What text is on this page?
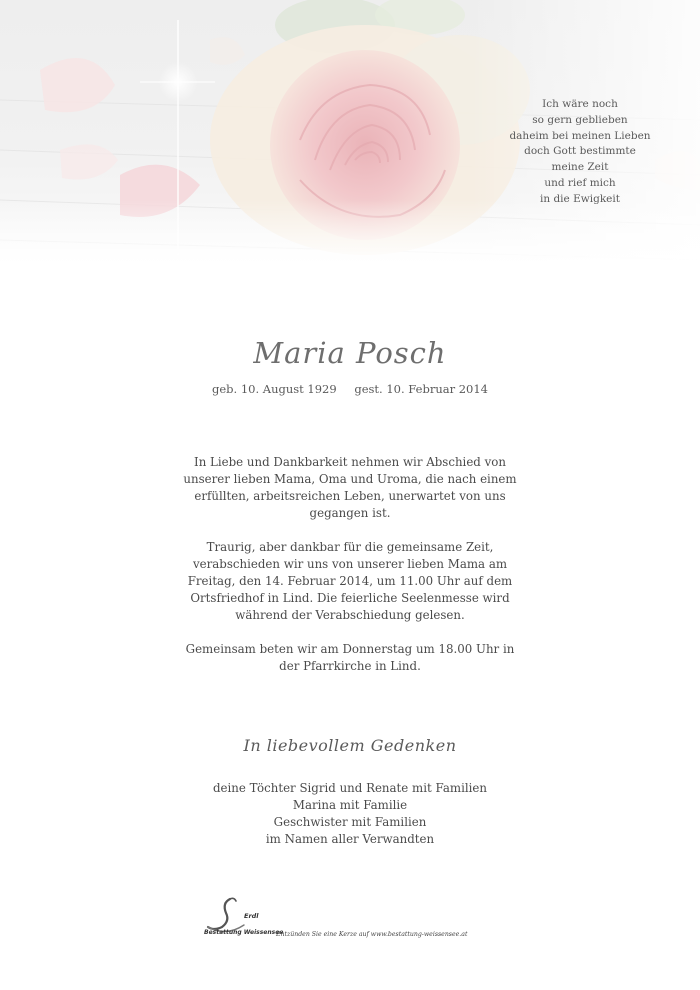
Ich wäre noch
so gern geblieben
daheim bei meinen Lieben
doch Gott bestimmte
meine Zeit
und rief mich
in die Ewigkeit
Maria Posch
geb. 10. August 1929 gest. 10. Februar 2014

In Liebe und Dankbarkeit nehmen wir Abschied von
unserer lieben Mama, Oma und Uroma, die nach einem
erfüllten, arbeitsreichen Leben, unerwartet von uns
gegangen ist.

Traurig, aber dankbar für die gemeinsame Zeit,
verabschieden wir uns von unserer lieben Mama am
Freitag, den 14. Februar 2014, um 11.00 Uhr auf dem
Ortsfriedhof in Lind. Die feierliche Seelenmesse wird
während der Verabschiedung gelesen.

Gemeinsam beten wir am Donnerstag um 18.00 Uhr in
der Pfarrkirche in Lind.

In liebevollem Gedenken
deine Töchter Sigrid und Renate mit Familien
Marina mit Familie
Geschwister mit Familien
im Namen aller Verwandten
Erdl
Bestattung Weissensee
Entzünden Sie eine Kerze auf www.bestattung-weissensee.at
